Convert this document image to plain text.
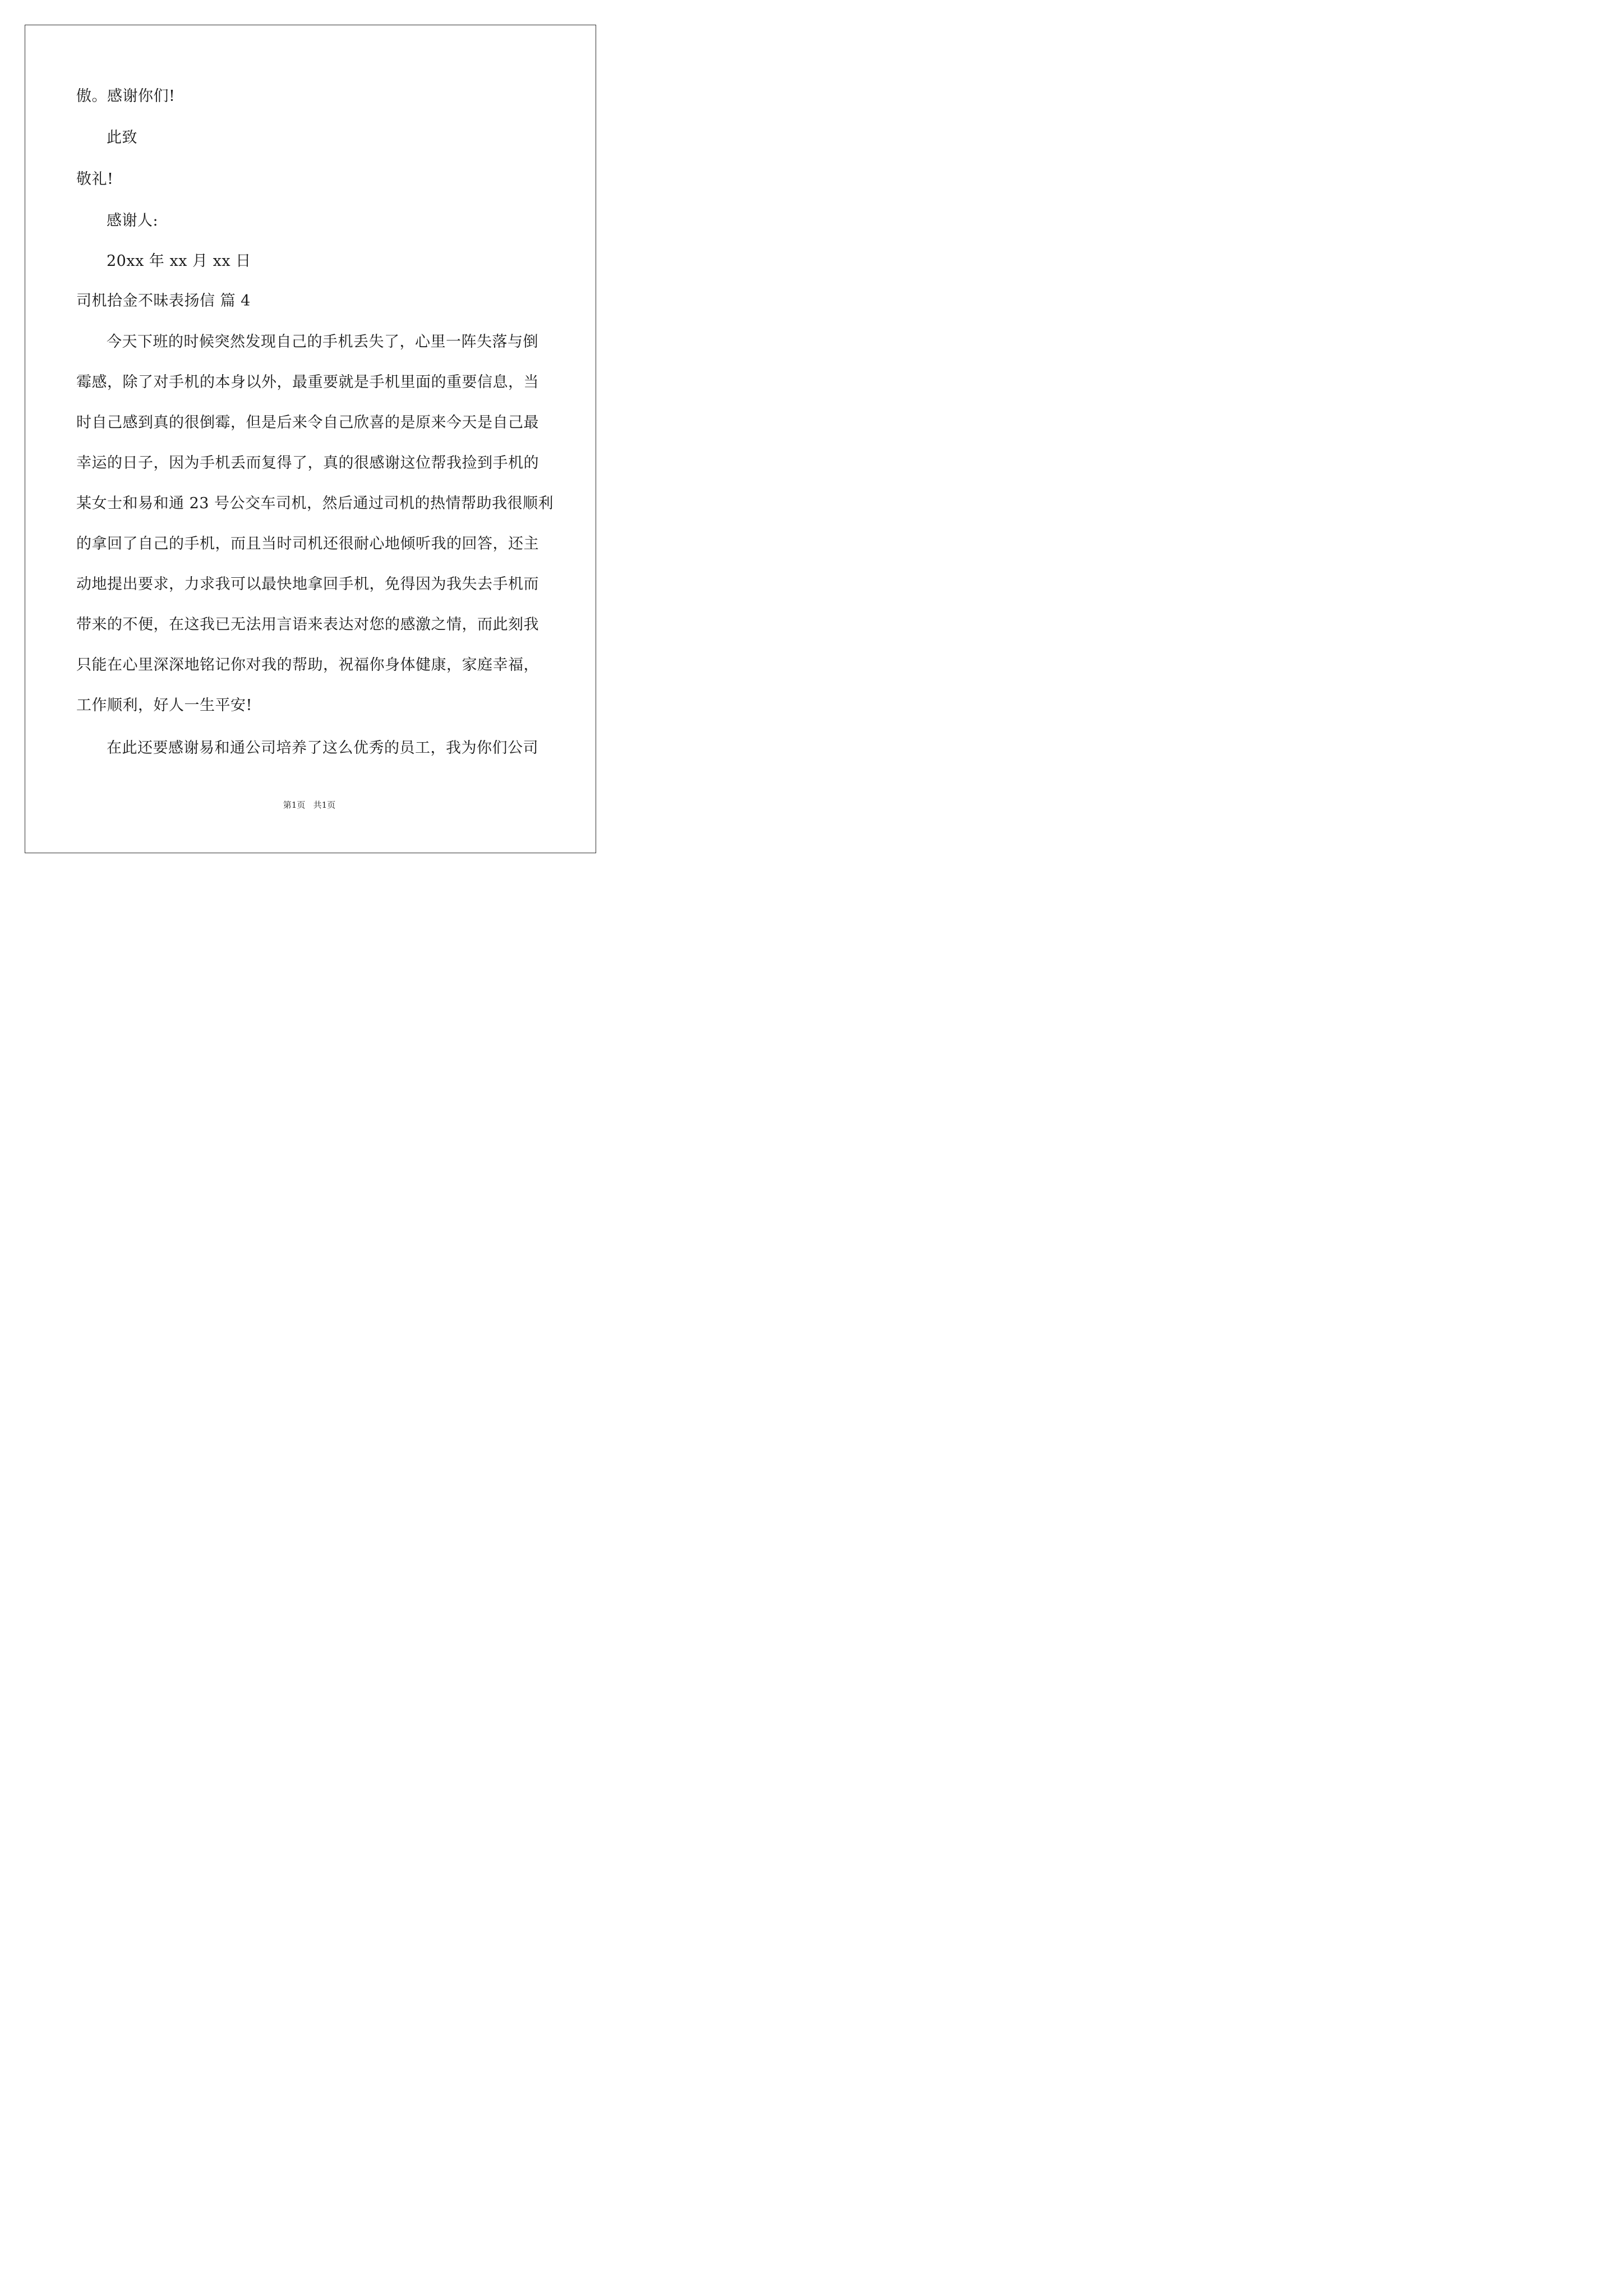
傲。感谢你们!
此致
敬礼!
感谢人:
20xx 年 xx 月 xx 日
司机拾金不昧表扬信 篇 4
今天下班的时候突然发现自己的手机丢失了，心里一阵失落与倒
霉感，除了对手机的本身以外，最重要就是手机里面的重要信息，当
时自己感到真的很倒霉，但是后来令自己欣喜的是原来今天是自己最
幸运的日子，因为手机丢而复得了，真的很感谢这位帮我捡到手机的
某女士和易和通 23 号公交车司机，然后通过司机的热情帮助我很顺利
的拿回了自己的手机，而且当时司机还很耐心地倾听我的回答，还主
动地提出要求，力求我可以最快地拿回手机，免得因为我失去手机而
带来的不便，在这我已无法用言语来表达对您的感激之情，而此刻我
只能在心里深深地铭记你对我的帮助，祝福你身体健康，家庭幸福，
工作顺利，好人一生平安!
在此还要感谢易和通公司培养了这么优秀的员工，我为你们公司
第1页   共1页
